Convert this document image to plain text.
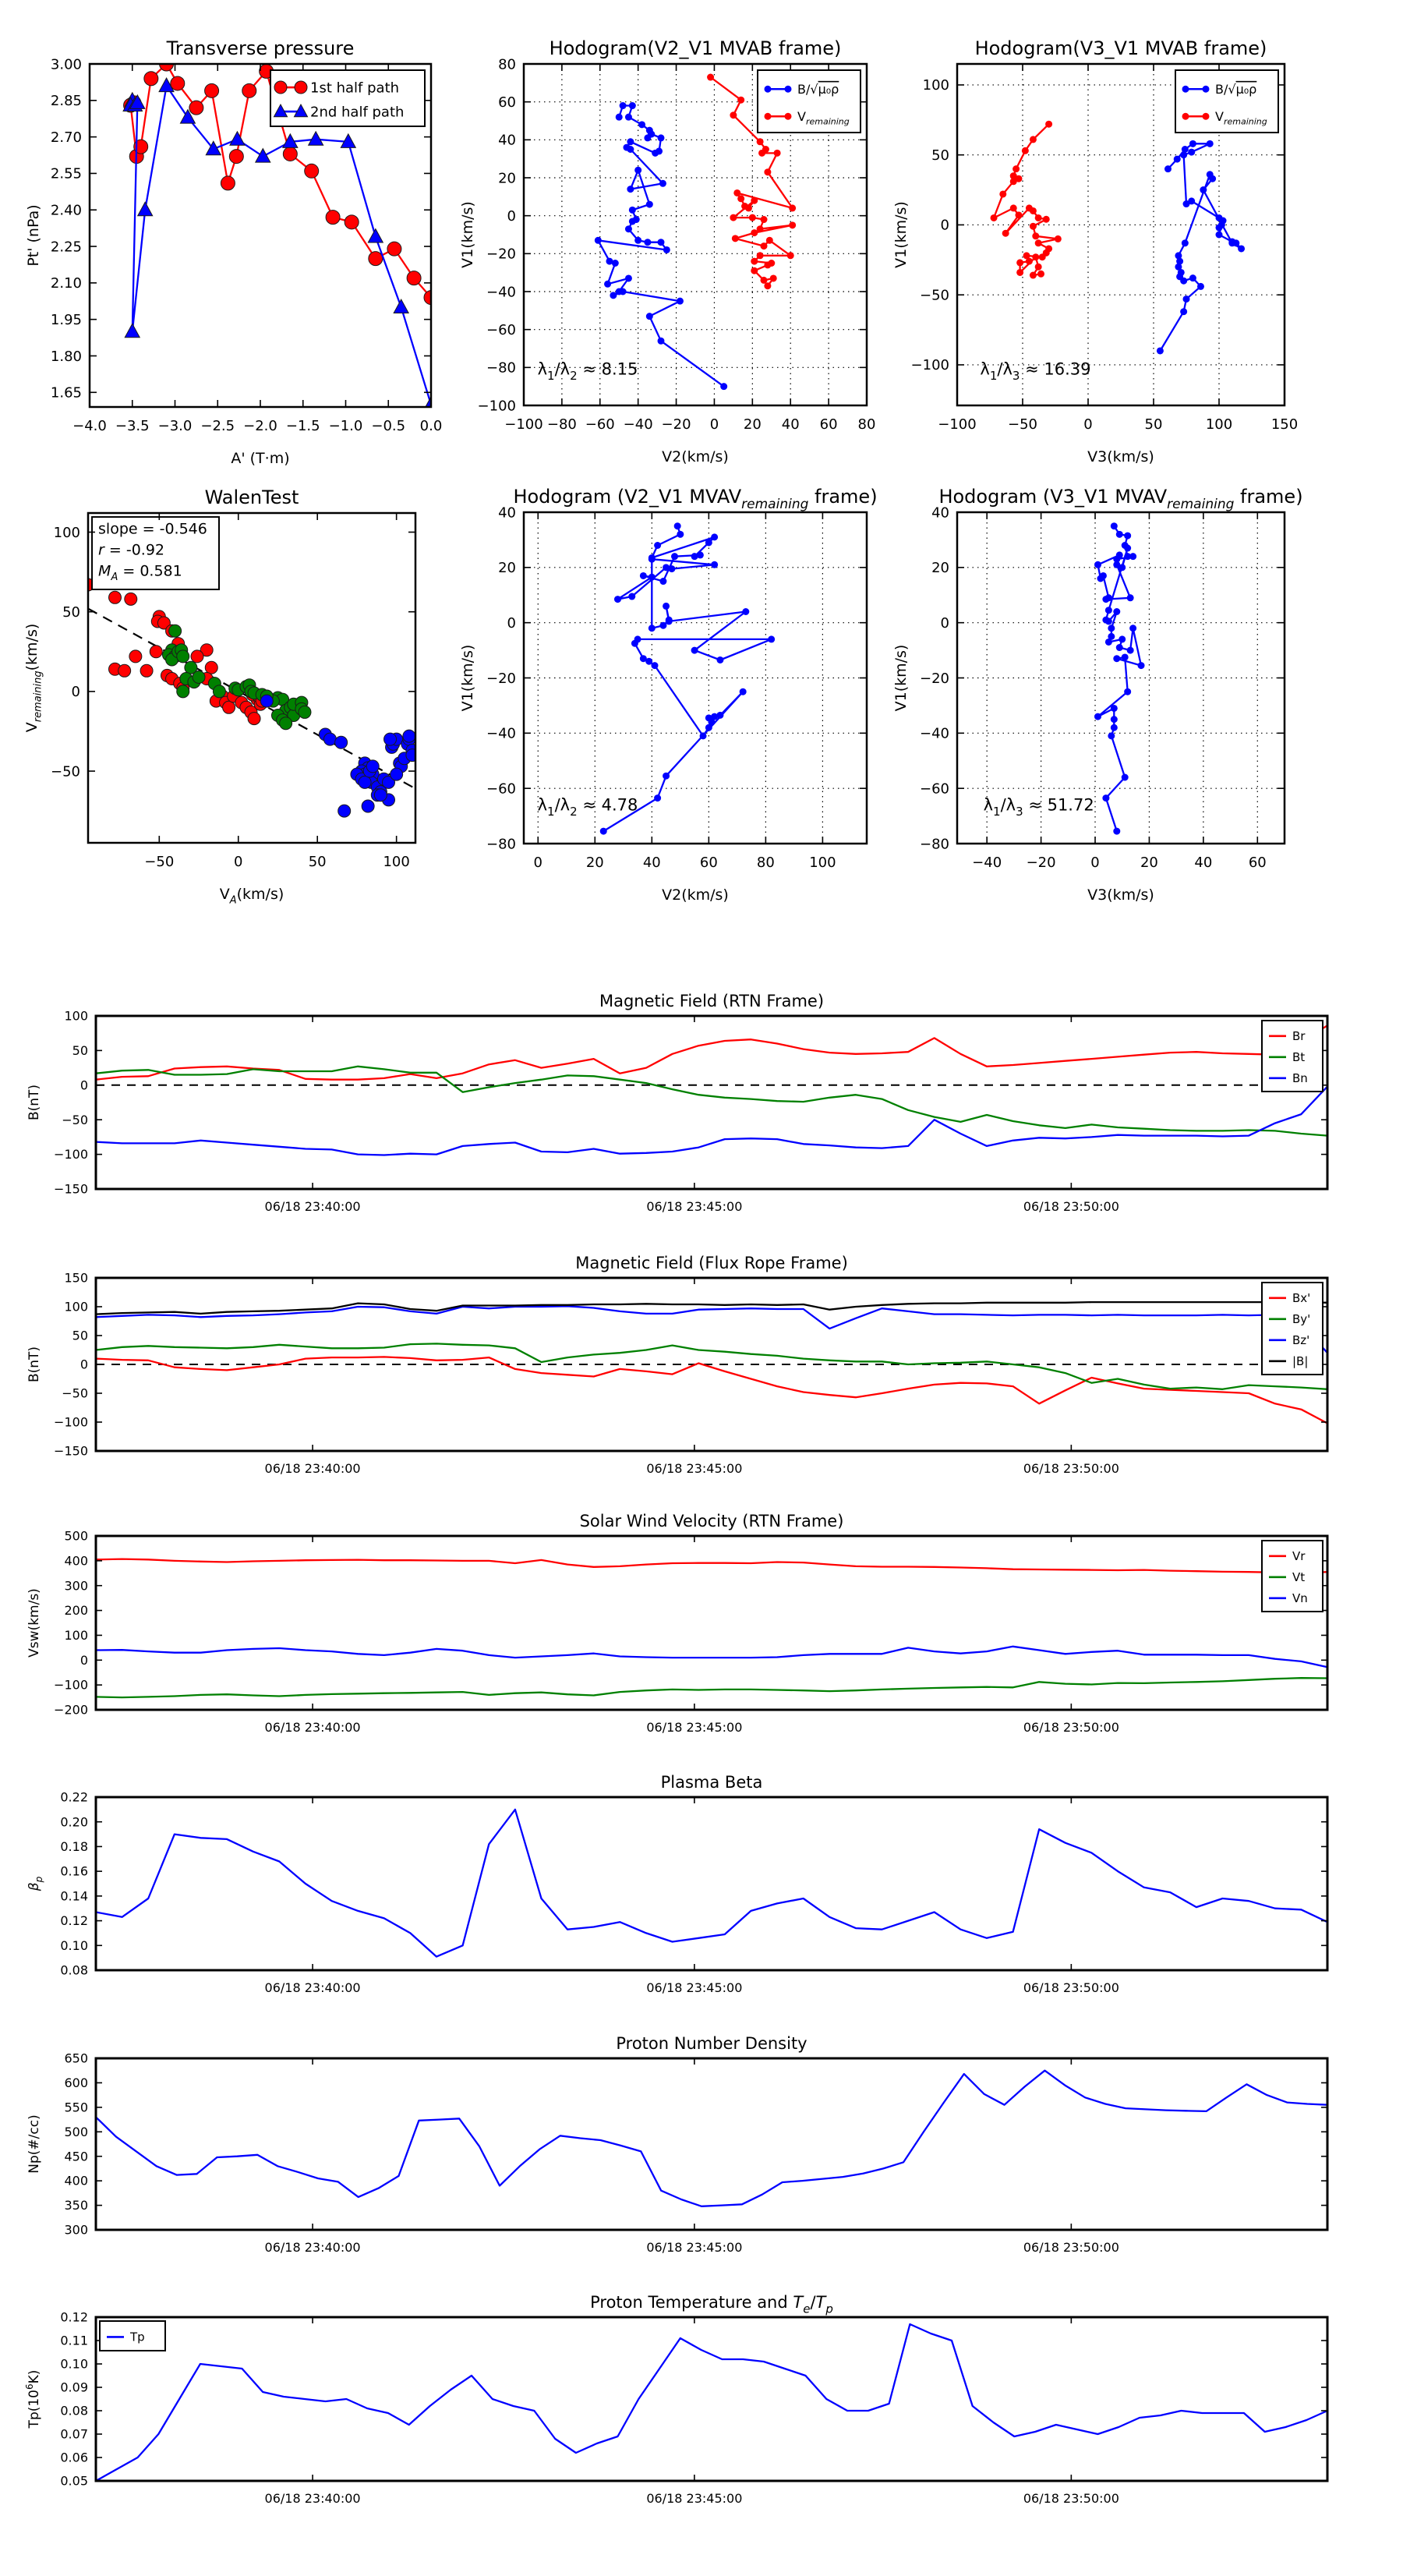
−4.0 −3.5 −3.0 −2.5 −2.0 −1.5 −1.0 −0.5 0.0
1.65
1.80
1.95
2.10
2.25
2.40
2.55
2.70
2.85
3.00
Transverse pressure
A' (T·m)
Pt' (nPa)
1st half path
2nd half path
$\lambda_1/\lambda_2 \approx 8.15$
−100 −80 −60 −40 −20 0 20 40 60 80
−100
−80
−60
−40
−20
0
20
40
60
80
Hodogram(V2_V1 MVAB frame)
V2(km/s)
V1(km/s)
B/√μ₀ρ
$V_{remaining}$
$\lambda_1/\lambda_3 \approx 16.39$
−100 −50	0	50	100	150
−100
−50
0
50
100
Hodogram(V3_V1 MVAB frame)
V3(km/s)
V1(km/s)
B/√μ₀ρ
$V_{remaining}$
slope = -0.546
r = -0.92
$M_A = 0.581$
−50	0	50	100
−50
0
50
100
WalenTest
$V_A(km/s)$
$V_{remaining}(km/s)$
$\lambda_1/\lambda_2 \approx 4.78$
0	20	40	60	80 100
−80
−60
−40
−20
0
20
40
Hodogram (V2_V1 $MVAV_{remaining}$ frame)
V2(km/s)
V1(km/s)
$\lambda_1/\lambda_3 \approx 51.72$
−40 −20 0	20	40	60
−80
−60
−40
−20
0
20
40
Hodogram (V3_V1 $MVAV_{remaining}$ frame)
V3(km/s)
V1(km/s)
06/18 23:40:00	06/18 23:45:00	06/18 23:50:00
−150
−100
−50
0
50
100
Magnetic Field (RTN Frame)
B(nT)
Br
Bt
Bn
06/18 23:40:00	06/18 23:45:00	06/18 23:50:00
−150
−100
−50
0
50
100
150
Magnetic Field (Flux Rope Frame)
B(nT)
Bx'
By'
Bz'
|B|
06/18 23:40:00	06/18 23:45:00	06/18 23:50:00
−200
−100
0
100
200
300
400
500
Solar Wind Velocity (RTN Frame)
Vsw(km/s)
Vr
Vt
Vn
06/18 23:40:00	06/18 23:45:00	06/18 23:50:00
0.08
0.10
0.12
0.14
0.16
0.18
0.20
0.22
Plasma Beta
$\beta_p$
06/18 23:40:00	06/18 23:45:00	06/18 23:50:00
300
350
400
450
500
550
600
650
Proton Number Density
Np(#/cc)
06/18 23:40:00	06/18 23:45:00	06/18 23:50:00
0.05
0.06
0.07
0.08
0.09
0.10
0.11
0.12
Proton Temperature and $T_e/T_p$
$Tp(10^6K)$
Tp
